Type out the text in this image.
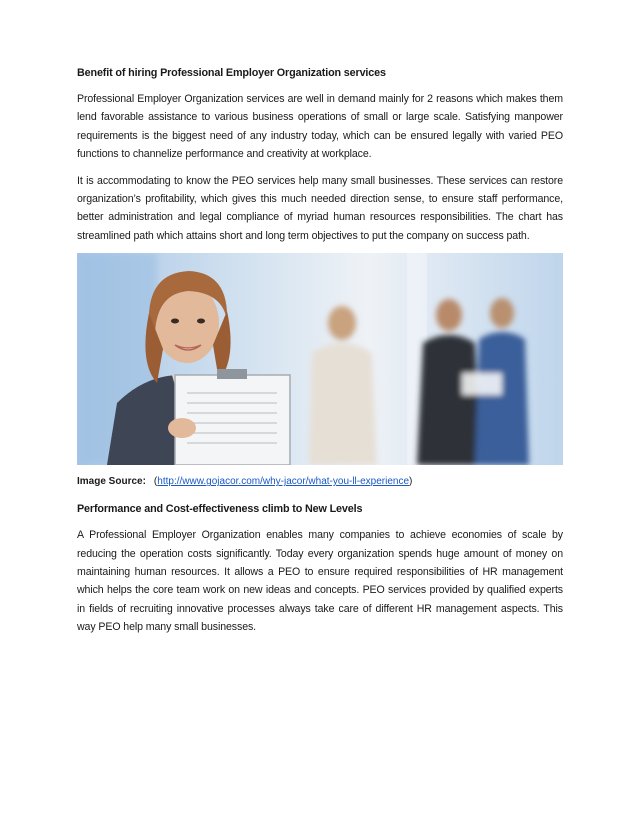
Benefit of hiring Professional Employer Organization services

Professional Employer Organization services are well in demand mainly for 2 reasons which makes them lend favorable assistance to various business operations of small or large scale. Satisfying manpower requirements is the biggest need of any industry today, which can be ensured legally with varied PEO functions to channelize performance and creativity at workplace.

It is accommodating to know the PEO services help many small businesses. These services can restore organization’s profitability, which gives this much needed direction sense, to ensure staff performance, better administration and legal compliance of myriad human resources responsibilities. The chart has streamlined path which attains short and long term objectives to put the company on success path.

Image Source: (http://www.gojacor.com/why-jacor/what-you-ll-experience)
Performance and Cost-effectiveness climb to New Levels

A Professional Employer Organization enables many companies to achieve economies of scale by reducing the operation costs significantly. Today every organization spends huge amount of money on maintaining human resources. It allows a PEO to ensure required responsibilities of HR management which helps the core team work on new ideas and concepts. PEO services provided by qualified experts in fields of recruiting innovative processes always take care of different HR management aspects. This way PEO help many small businesses.
